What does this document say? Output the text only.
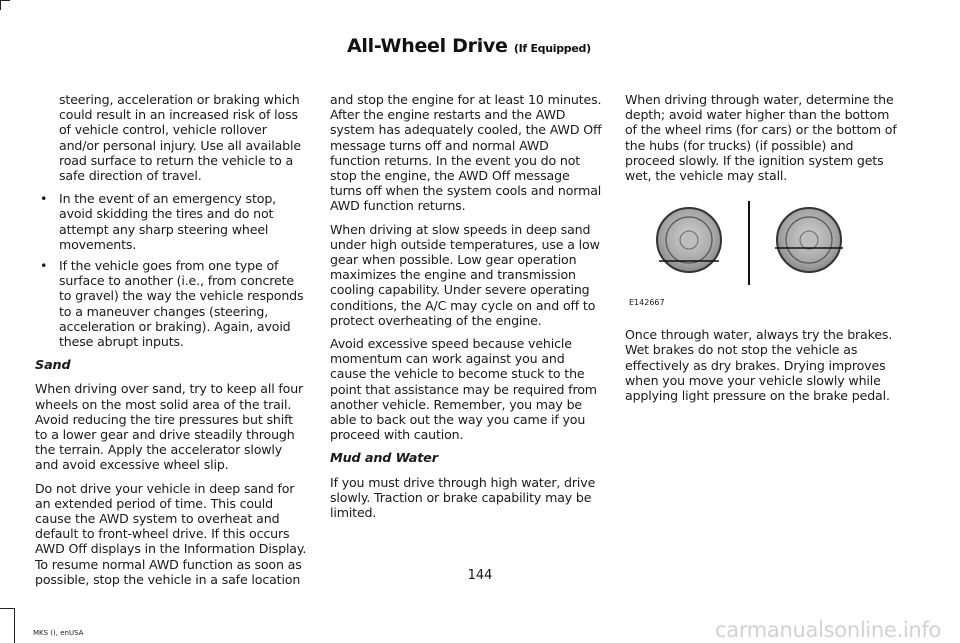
All-Wheel Drive (If Equipped)

steering, acceleration or braking which could result in an increased risk of loss of vehicle control, vehicle rollover and/or personal injury. Use all available road surface to return the vehicle to a safe direction of travel.

• In the event of an emergency stop, avoid skidding the tires and do not attempt any sharp steering wheel movements.
• If the vehicle goes from one type of surface to another (i.e., from concrete to gravel) the way the vehicle responds to a maneuver changes (steering, acceleration or braking). Again, avoid these abrupt inputs.
Sand

When driving over sand, try to keep all four wheels on the most solid area of the trail. Avoid reducing the tire pressures but shift to a lower gear and drive steadily through the terrain. Apply the accelerator slowly and avoid excessive wheel slip.

Do not drive your vehicle in deep sand for an extended period of time. This could cause the AWD system to overheat and default to front-wheel drive. If this occurs AWD Off displays in the Information Display. To resume normal AWD function as soon as possible, stop the vehicle in a safe location

and stop the engine for at least 10 minutes. After the engine restarts and the AWD system has adequately cooled, the AWD Off message turns off and normal AWD function returns. In the event you do not stop the engine, the AWD Off message turns off when the system cools and normal AWD function returns.

When driving at slow speeds in deep sand under high outside temperatures, use a low gear when possible. Low gear operation maximizes the engine and transmission cooling capability. Under severe operating conditions, the A/C may cycle on and off to protect overheating of the engine.

Avoid excessive speed because vehicle momentum can work against you and cause the vehicle to become stuck to the point that assistance may be required from another vehicle. Remember, you may be able to back out the way you came if you proceed with caution.

Mud and Water

If you must drive through high water, drive slowly. Traction or brake capability may be limited.

When driving through water, determine the depth; avoid water higher than the bottom of the wheel rims (for cars) or the bottom of the hubs (for trucks) (if possible) and proceed slowly. If the ignition system gets wet, the vehicle may stall.

E142667

Once through water, always try the brakes. Wet brakes do not stop the vehicle as effectively as dry brakes. Drying improves when you move your vehicle slowly while applying light pressure on the brake pedal.

144
MKS (), enUSA	carmanualsonline.info
